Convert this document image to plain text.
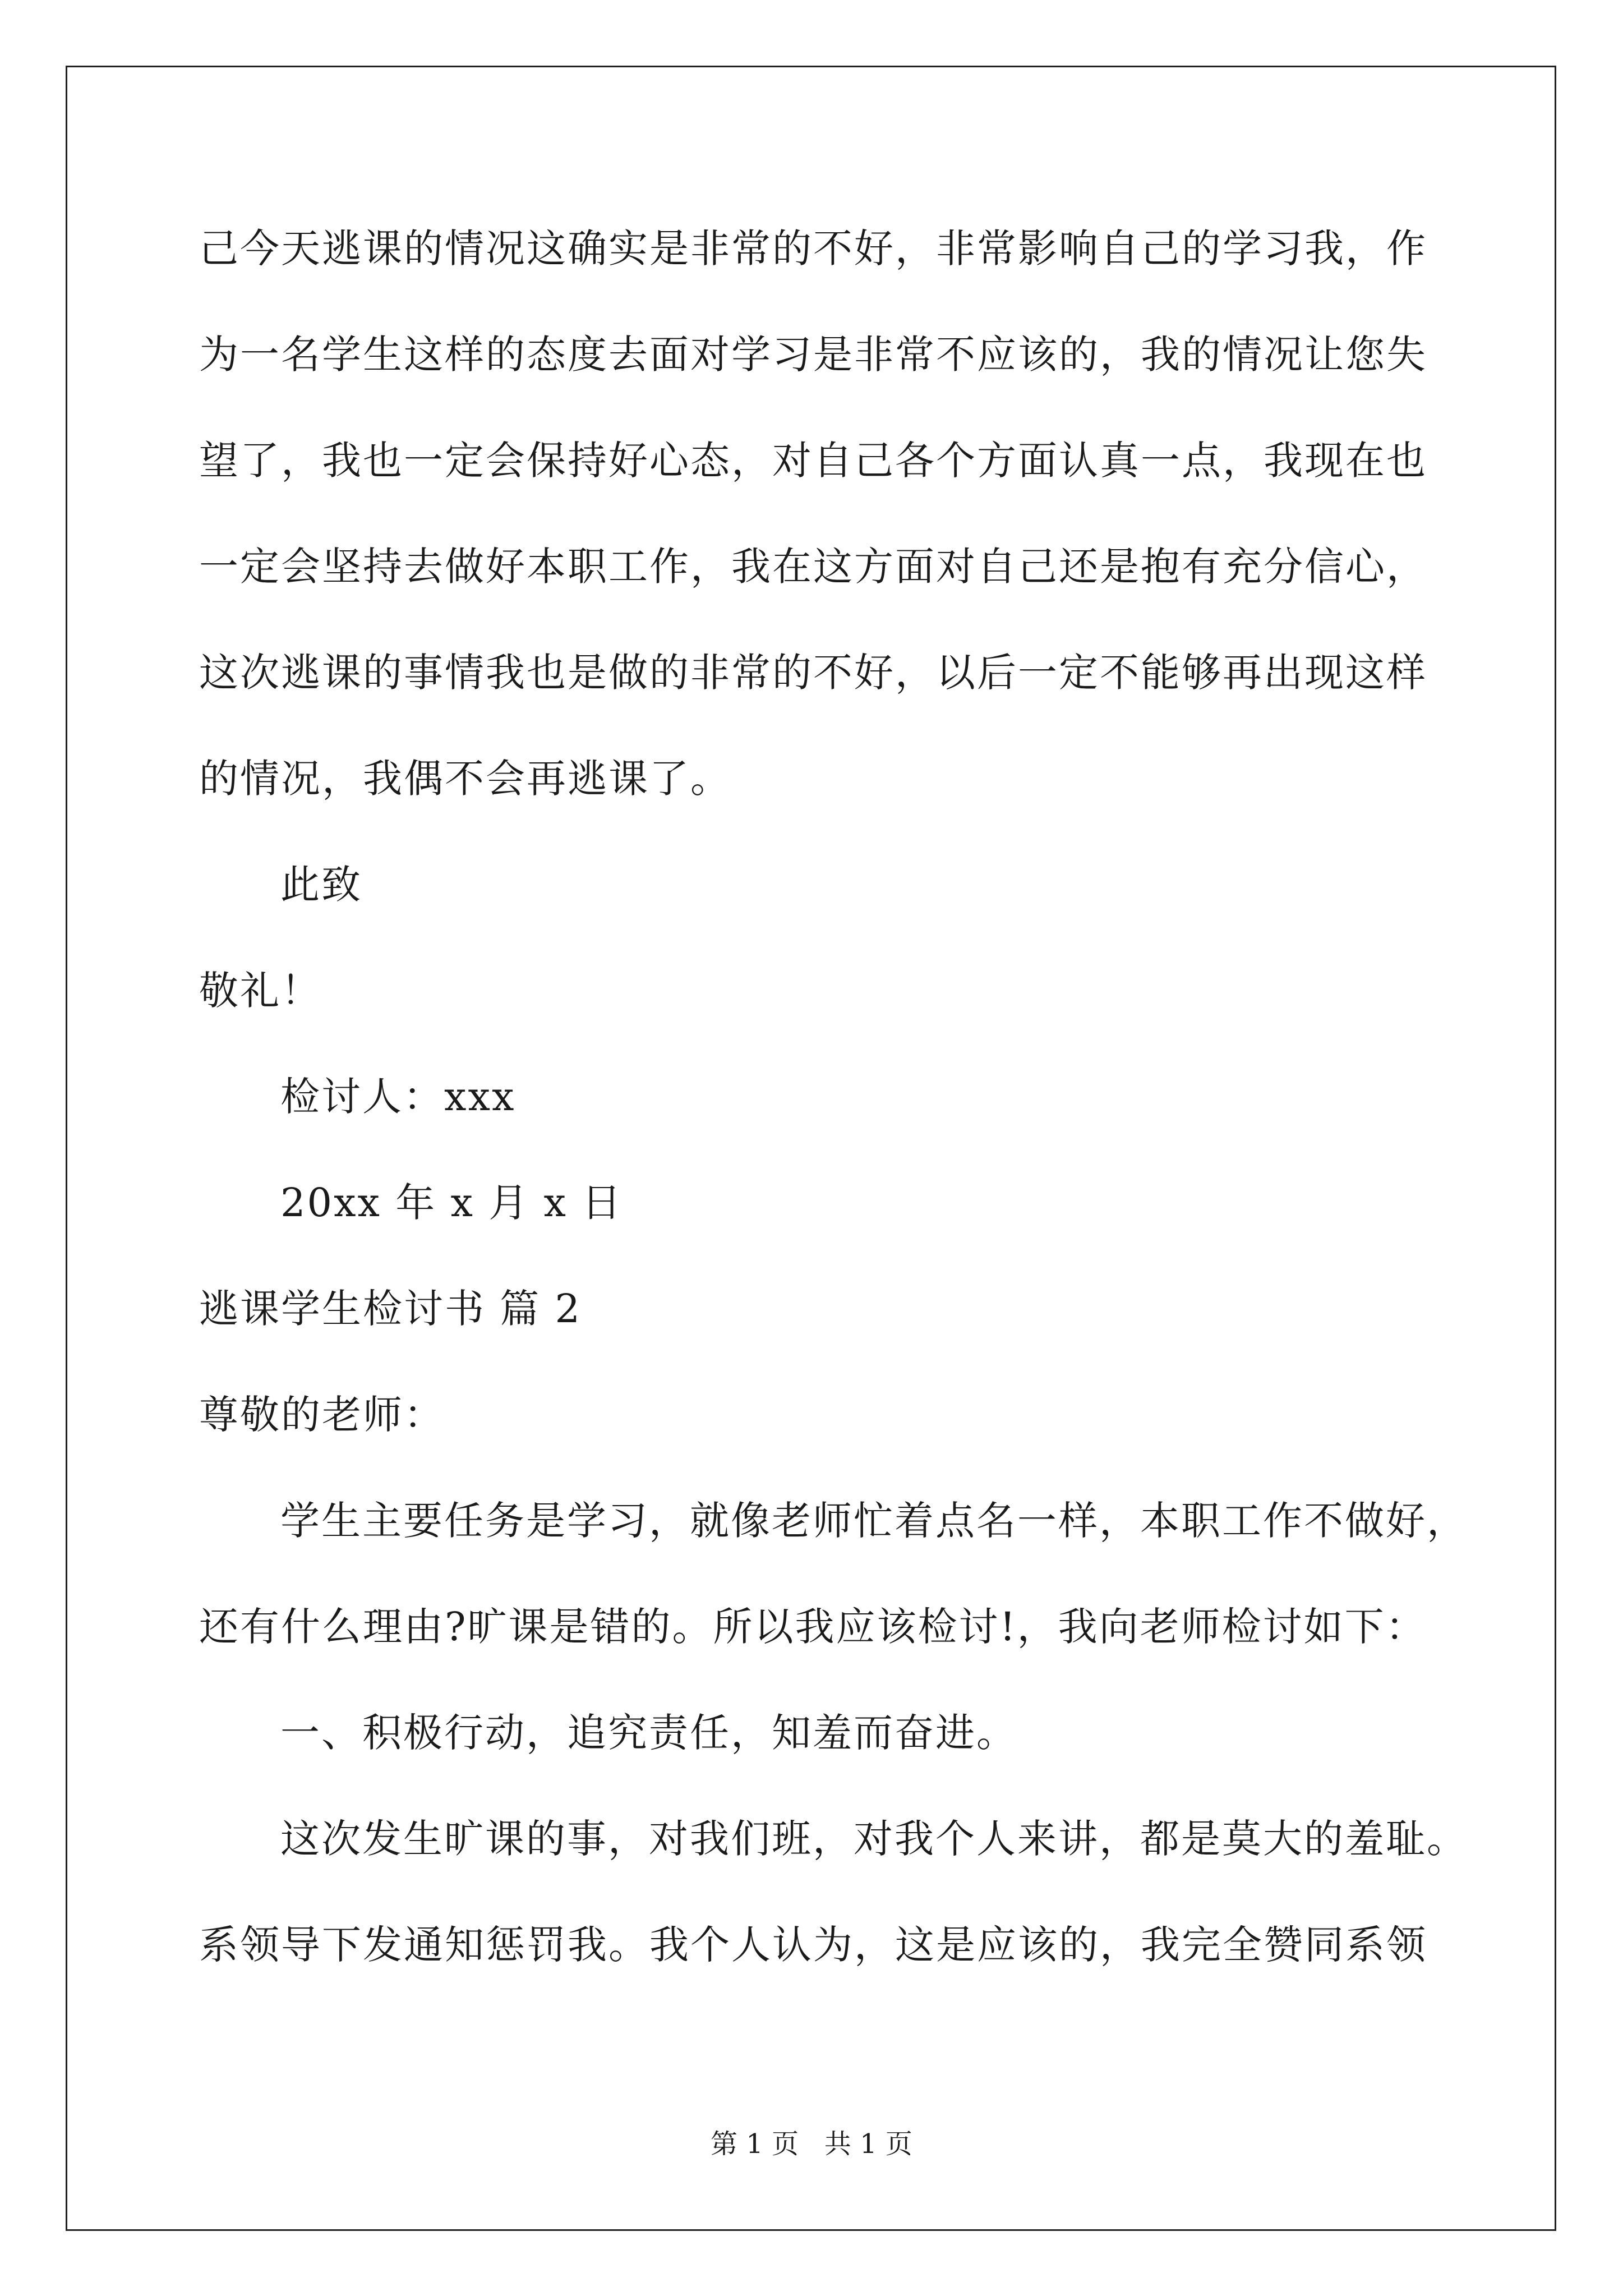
己今天逃课的情况这确实是非常的不好，非常影响自己的学习我，作
为一名学生这样的态度去面对学习是非常不应该的，我的情况让您失
望了，我也一定会保持好心态，对自己各个方面认真一点，我现在也
一定会坚持去做好本职工作，我在这方面对自己还是抱有充分信心，
这次逃课的事情我也是做的非常的不好，以后一定不能够再出现这样
的情况，我偶不会再逃课了。
此致
敬礼！
检讨人：xxx
20xx 年 x 月 x 日
逃课学生检讨书 篇 2
尊敬的老师：
学生主要任务是学习，就像老师忙着点名一样，本职工作不做好，
还有什么理由?旷课是错的。所以我应该检讨!，我向老师检讨如下：
一、积极行动，追究责任，知羞而奋进。
这次发生旷课的事，对我们班，对我个人来讲，都是莫大的羞耻。
系领导下发通知惩罚我。我个人认为，这是应该的，我完全赞同系领
第 1 页   共 1 页
